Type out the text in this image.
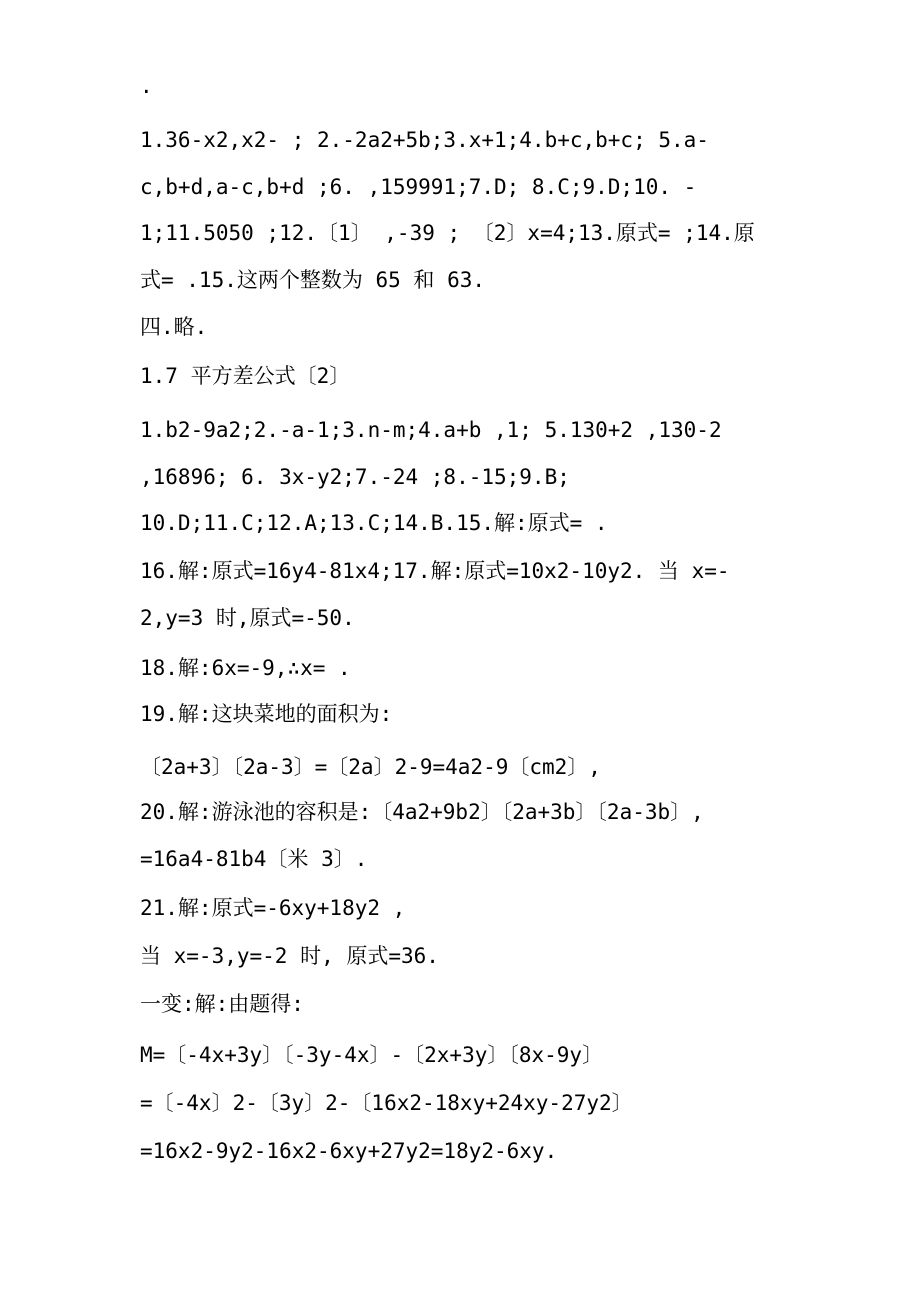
.
1.36-x2,x2- ; 2.-2a2+5b;3.x+1;4.b+c,b+c; 5.a-
c,b+d,a-c,b+d ;6. ,159991;7.D; 8.C;9.D;10. -
1;11.5050 ;12.〔1〕 ,-39 ; 〔2〕x=4;13.原式= ;14.原
式= .15.这两个整数为 65 和 63.
四.略.
1.7 平方差公式〔2〕
1.b2-9a2;2.-a-1;3.n-m;4.a+b ,1; 5.130+2 ,130-2
,16896; 6. 3x-y2;7.-24 ;8.-15;9.B;
10.D;11.C;12.A;13.C;14.B.15.解:原式= .
16.解:原式=16y4-81x4;17.解:原式=10x2-10y2. 当 x=-
2,y=3 时,原式=-50.
18.解:6x=-9,∴x= .
19.解:这块菜地的面积为:
〔2a+3〕〔2a-3〕=〔2a〕2-9=4a2-9〔cm2〕,
20.解:游泳池的容积是:〔4a2+9b2〕〔2a+3b〕〔2a-3b〕,
=16a4-81b4〔米 3〕.
21.解:原式=-6xy+18y2 ,
当 x=-3,y=-2 时, 原式=36.
一变:解:由题得:
M=〔-4x+3y〕〔-3y-4x〕-〔2x+3y〕〔8x-9y〕
=〔-4x〕2-〔3y〕2-〔16x2-18xy+24xy-27y2〕
=16x2-9y2-16x2-6xy+27y2=18y2-6xy.
